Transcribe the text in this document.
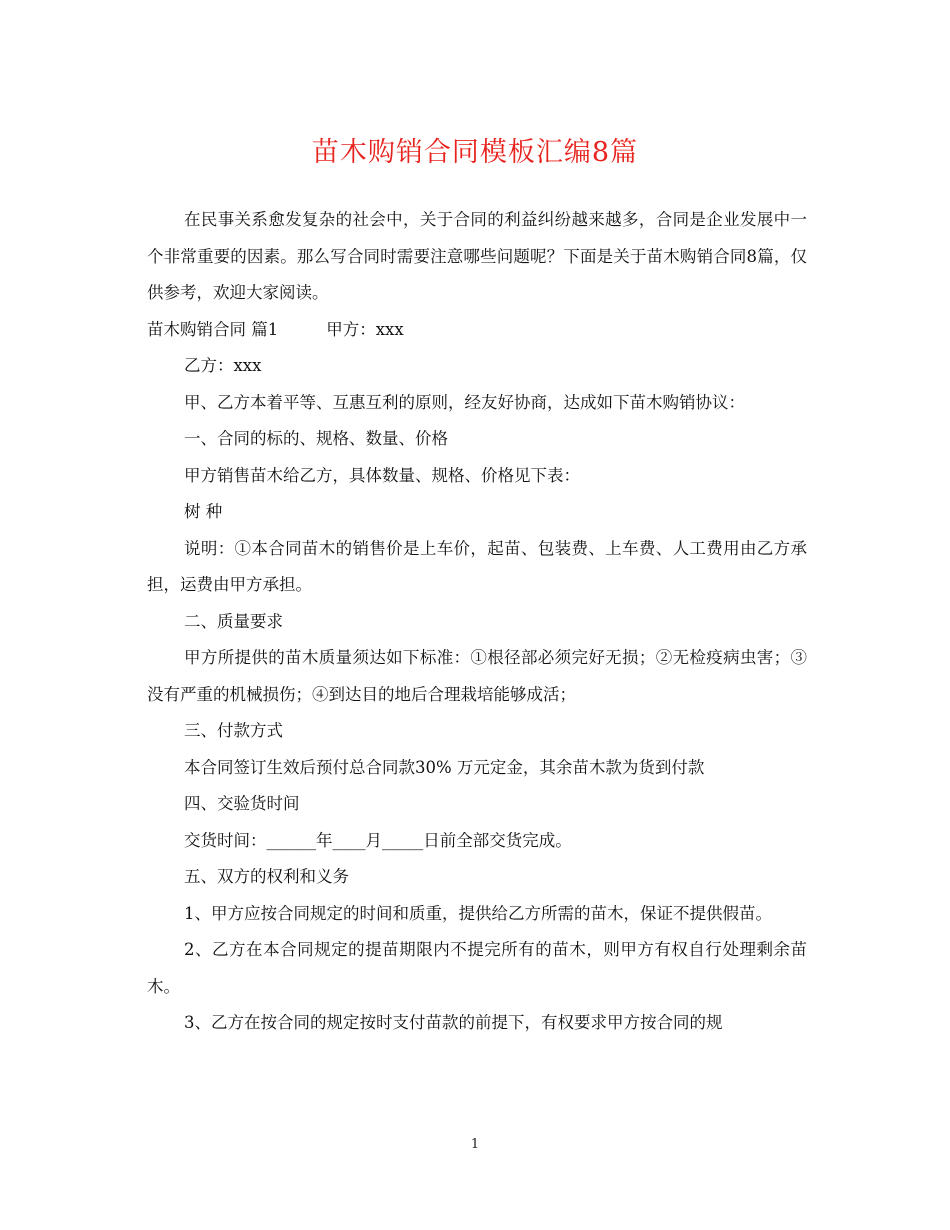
苗木购销合同模板汇编8篇

在民事关系愈发复杂的社会中，关于合同的利益纠纷越来越多，合同是企业发展中一个非常重要的因素。那么写合同时需要注意哪些问题呢？下面是关于苗木购销合同8篇，仅供参考，欢迎大家阅读。

苗木购销合同 篇1	甲方：xxx

乙方：xxx

甲、乙方本着平等、互惠互利的原则，经友好协商，达成如下苗木购销协议：

一、合同的标的、规格、数量、价格

甲方销售苗木给乙方，具体数量、规格、价格见下表：

树 种

说明：①本合同苗木的销售价是上车价，起苗、包装费、上车费、人工费用由乙方承担，运费由甲方承担。

二、质量要求

甲方所提供的苗木质量须达如下标准：①根径部必须完好无损；②无检疫病虫害；③没有严重的机械损伤；④到达目的地后合理栽培能够成活；

三、付款方式

本合同签订生效后预付总合同款30% 万元定金，其余苗木款为货到付款

四、交验货时间

交货时间：______年____月_____日前全部交货完成。

五、双方的权利和义务

1、甲方应按合同规定的时间和质重，提供给乙方所需的苗木，保证不提供假苗。

2、乙方在本合同规定的提苗期限内不提完所有的苗木，则甲方有权自行处理剩余苗木。

3、乙方在按合同的规定按时支付苗款的前提下，有权要求甲方按合同的规

1
